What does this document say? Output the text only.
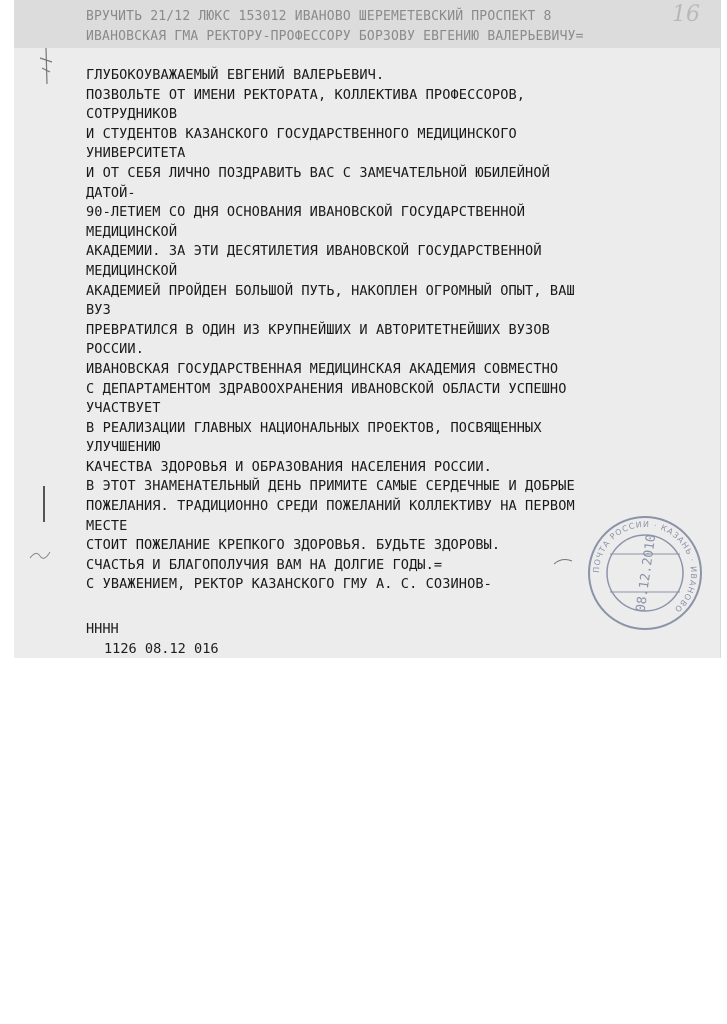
16
ВРУЧИТЬ 21/12 ЛЮКС 153012 ИВАНОВО ШЕРЕМЕТЕВСКИЙ ПРОСПЕКТ 8
ИВАНОВСКАЯ ГМА РЕКТОРУ-ПРОФЕССОРУ БОРЗОВУ ЕВГЕНИЮ ВАЛЕРЬЕВИЧУ=
ГЛУБОКОУВАЖАЕМЫЙ ЕВГЕНИЙ ВАЛЕРЬЕВИЧ.
ПОЗВОЛЬТЕ ОТ ИМЕНИ РЕКТОРАТА, КОЛЛЕКТИВА ПРОФЕССОРОВ,
СОТРУДНИКОВ
И СТУДЕНТОВ КАЗАНСКОГО ГОСУДАРСТВЕННОГО МЕДИЦИНСКОГО
УНИВЕРСИТЕТА
И ОТ СЕБЯ ЛИЧНО ПОЗДРАВИТЬ ВАС С ЗАМЕЧАТЕЛЬНОЙ ЮБИЛЕЙНОЙ
ДАТОЙ-
90-ЛЕТИЕМ СО ДНЯ ОСНОВАНИЯ ИВАНОВСКОЙ ГОСУДАРСТВЕННОЙ
МЕДИЦИНСКОЙ
АКАДЕМИИ. ЗА ЭТИ ДЕСЯТИЛЕТИЯ ИВАНОВСКОЙ ГОСУДАРСТВЕННОЙ
МЕДИЦИНСКОЙ
АКАДЕМИЕЙ ПРОЙДЕН БОЛЬШОЙ ПУТЬ, НАКОПЛЕН ОГРОМНЫЙ ОПЫТ, ВАШ
ВУЗ
ПРЕВРАТИЛСЯ В ОДИН ИЗ КРУПНЕЙШИХ И АВТОРИТЕТНЕЙШИХ ВУЗОВ
РОССИИ.
ИВАНОВСКАЯ ГОСУДАРСТВЕННАЯ МЕДИЦИНСКАЯ АКАДЕМИЯ СОВМЕСТНО
С ДЕПАРТАМЕНТОМ ЗДРАВООХРАНЕНИЯ ИВАНОВСКОЙ ОБЛАСТИ УСПЕШНО
УЧАСТВУЕТ
В РЕАЛИЗАЦИИ ГЛАВНЫХ НАЦИОНАЛЬНЫХ ПРОЕКТОВ, ПОСВЯЩЕННЫХ
УЛУЧШЕНИЮ
КАЧЕСТВА ЗДОРОВЬЯ И ОБРАЗОВАНИЯ НАСЕЛЕНИЯ РОССИИ.
В ЭТОТ ЗНАМЕНАТЕЛЬНЫЙ ДЕНЬ ПРИМИТЕ САМЫЕ СЕРДЕЧНЫЕ И ДОБРЫЕ
ПОЖЕЛАНИЯ. ТРАДИЦИОННО СРЕДИ ПОЖЕЛАНИЙ КОЛЛЕКТИВУ НА ПЕРВОМ
МЕСТЕ
СТОИТ ПОЖЕЛАНИЕ КРЕПКОГО ЗДОРОВЬЯ. БУДЬТЕ ЗДОРОВЫ.
СЧАСТЬЯ И БЛАГОПОЛУЧИЯ ВАМ НА ДОЛГИЕ ГОДЫ.=
С УВАЖЕНИЕМ, РЕКТОР КАЗАНСКОГО ГМУ А. С. СОЗИНОВ-
ПОЧТА РОССИИ · КАЗАНЬ · ИВАНОВО
08.12.2010
НННН
1126 08.12 016
